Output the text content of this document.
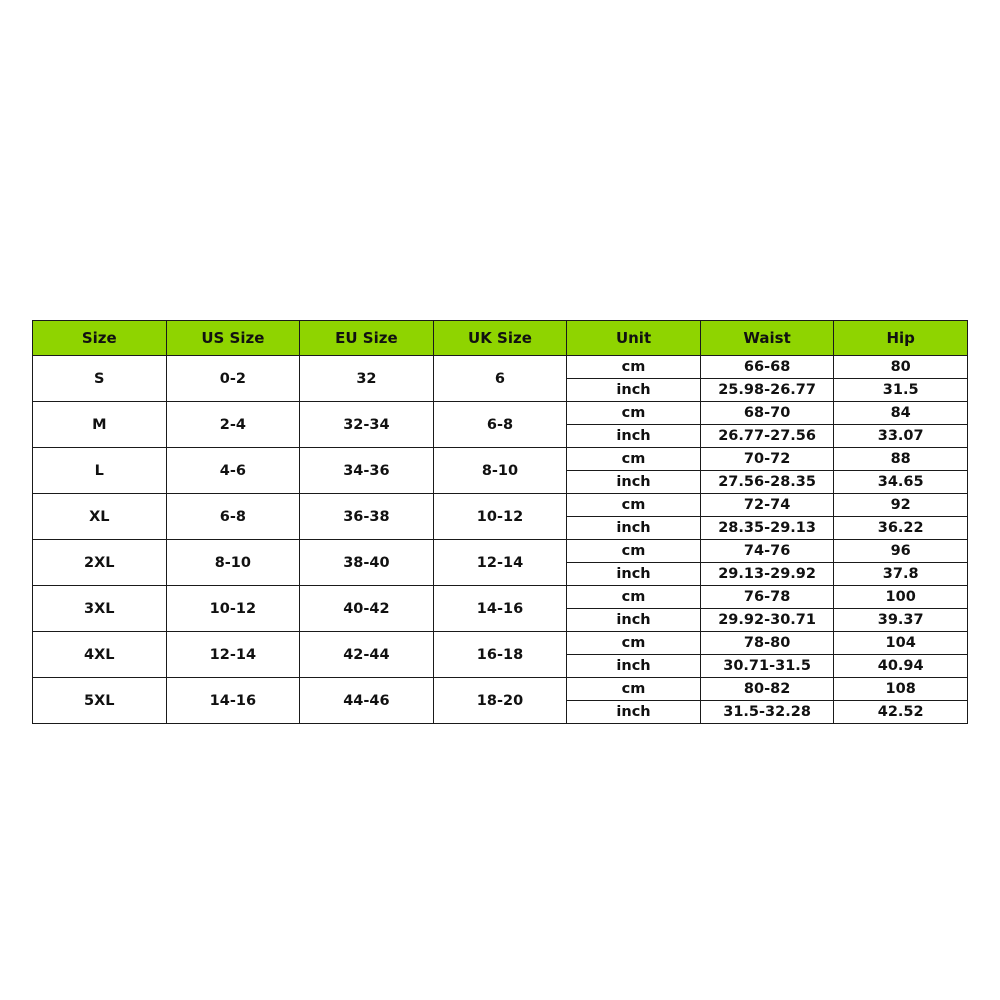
Size	US Size	EU Size	UK Size	Unit	Waist	Hip
S	0-2	32	6	cm	66-68	80
				inch	25.98-26.77	31.5
M	2-4	32-34	6-8	cm	68-70	84
				inch	26.77-27.56	33.07
L	4-6	34-36	8-10	cm	70-72	88
				inch	27.56-28.35	34.65
XL	6-8	36-38	10-12	cm	72-74	92
				inch	28.35-29.13	36.22
2XL	8-10	38-40	12-14	cm	74-76	96
				inch	29.13-29.92	37.8
3XL	10-12	40-42	14-16	cm	76-78	100
				inch	29.92-30.71	39.37
4XL	12-14	42-44	16-18	cm	78-80	104
				inch	30.71-31.5	40.94
5XL	14-16	44-46	18-20	cm	80-82	108
				inch	31.5-32.28	42.52
